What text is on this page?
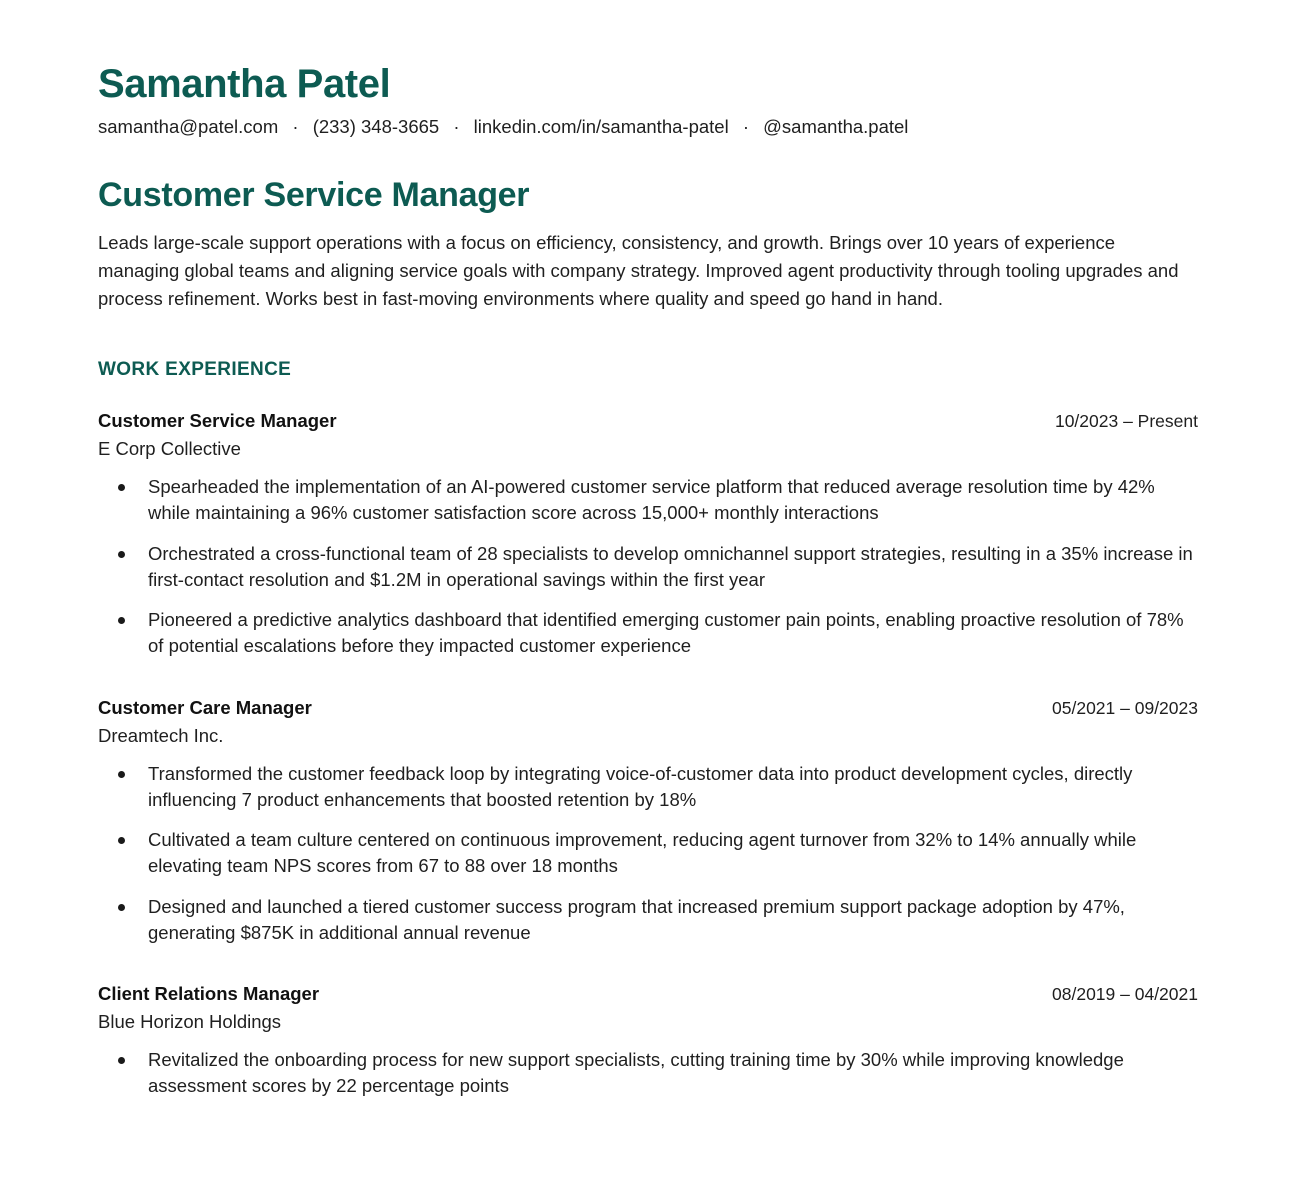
Samantha Patel
samantha@patel.com · (233) 348-3665 · linkedin.com/in/samantha-patel · @samantha.patel
Customer Service Manager

Leads large-scale support operations with a focus on efficiency, consistency, and growth. Brings over 10 years of experience managing global teams and aligning service goals with company strategy. Improved agent productivity through tooling upgrades and process refinement. Works best in fast-moving environments where quality and speed go hand in hand.

WORK EXPERIENCE
Customer Service Manager	10/2023 – Present
E Corp Collective
Spearheaded the implementation of an AI-powered customer service platform that reduced average resolution time by 42% while maintaining a 96% customer satisfaction score across 15,000+ monthly interactions
Orchestrated a cross-functional team of 28 specialists to develop omnichannel support strategies, resulting in a 35% increase in first-contact resolution and $1.2M in operational savings within the first year
Pioneered a predictive analytics dashboard that identified emerging customer pain points, enabling proactive resolution of 78% of potential escalations before they impacted customer experience
Customer Care Manager	05/2021 – 09/2023
Dreamtech Inc.
Transformed the customer feedback loop by integrating voice-of-customer data into product development cycles, directly influencing 7 product enhancements that boosted retention by 18%
Cultivated a team culture centered on continuous improvement, reducing agent turnover from 32% to 14% annually while elevating team NPS scores from 67 to 88 over 18 months
Designed and launched a tiered customer success program that increased premium support package adoption by 47%, generating $875K in additional annual revenue
Client Relations Manager	08/2019 – 04/2021
Blue Horizon Holdings
Revitalized the onboarding process for new support specialists, cutting training time by 30% while improving knowledge assessment scores by 22 percentage points
